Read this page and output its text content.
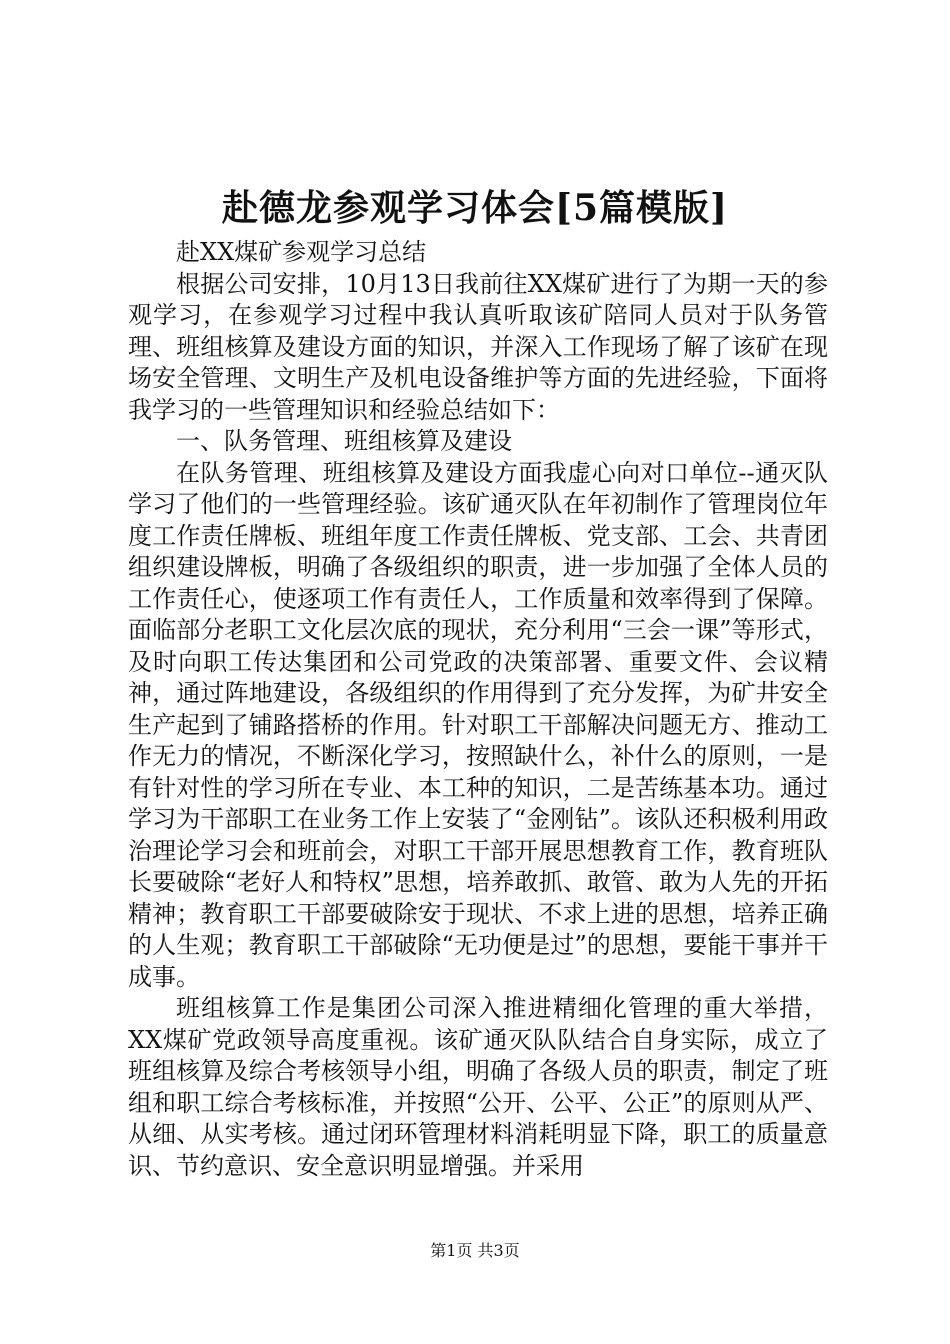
赴德龙参观学习体会[5篇模版]

赴XX煤矿参观学习总结

根据公司安排，10月13日我前往XX煤矿进行了为期一天的参观学习，在参观学习过程中我认真听取该矿陪同人员对于队务管理、班组核算及建设方面的知识，并深入工作现场了解了该矿在现场安全管理、文明生产及机电设备维护等方面的先进经验，下面将我学习的一些管理知识和经验总结如下：

一、队务管理、班组核算及建设

在队务管理、班组核算及建设方面我虚心向对口单位--通灭队学习了他们的一些管理经验。该矿通灭队在年初制作了管理岗位年度工作责任牌板、班组年度工作责任牌板、党支部、工会、共青团组织建设牌板，明确了各级组织的职责，进一步加强了全体人员的工作责任心，使逐项工作有责任人，工作质量和效率得到了保障。面临部分老职工文化层次底的现状，充分利用“三会一课”等形式，及时向职工传达集团和公司党政的决策部署、重要文件、会议精神，通过阵地建设，各级组织的作用得到了充分发挥，为矿井安全生产起到了铺路搭桥的作用。针对职工干部解决问题无方、推动工作无力的情况，不断深化学习，按照缺什么，补什么的原则，一是有针对性的学习所在专业、本工种的知识，二是苦练基本功。通过学习为干部职工在业务工作上安装了“金刚钻”。该队还积极利用政治理论学习会和班前会，对职工干部开展思想教育工作，教育班队长要破除“老好人和特权”思想，培养敢抓、敢管、敢为人先的开拓精神；教育职工干部要破除安于现状、不求上进的思想，培养正确的人生观；教育职工干部破除“无功便是过”的思想，要能干事并干成事。

班组核算工作是集团公司深入推进精细化管理的重大举措，XX煤矿党政领导高度重视。该矿通灭队队结合自身实际，成立了班组核算及综合考核领导小组，明确了各级人员的职责，制定了班组和职工综合考核标准，并按照“公开、公平、公正”的原则从严、从细、从实考核。通过闭环管理材料消耗明显下降，职工的质量意识、节约意识、安全意识明显增强。并采用

第1页 共3页
